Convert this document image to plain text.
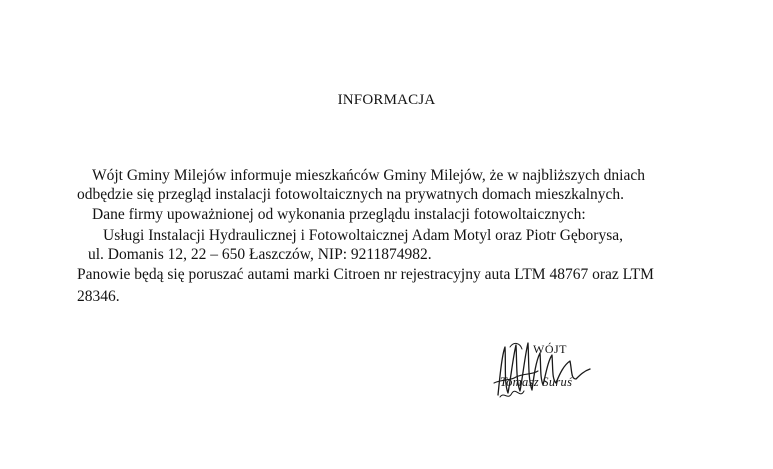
INFORMACJA
Wójt Gminy Milejów informuje mieszkańców Gminy Milejów, że w najbliższych dniach
odbędzie się przegląd instalacji fotowoltaicznych na prywatnych domach mieszkalnych.
Dane firmy upoważnionej od wykonania przeglądu instalacji fotowoltaicznych:
Usługi Instalacji Hydraulicznej i Fotowoltaicznej Adam Motyl oraz Piotr Gęborysa,
ul. Domanis 12, 22 – 650 Łaszczów, NIP: 9211874982.
Panowie będą się poruszać autami marki Citroen nr rejestracyjny auta LTM 48767 oraz LTM
28346.
WÓJT
Tomasz Suruś
